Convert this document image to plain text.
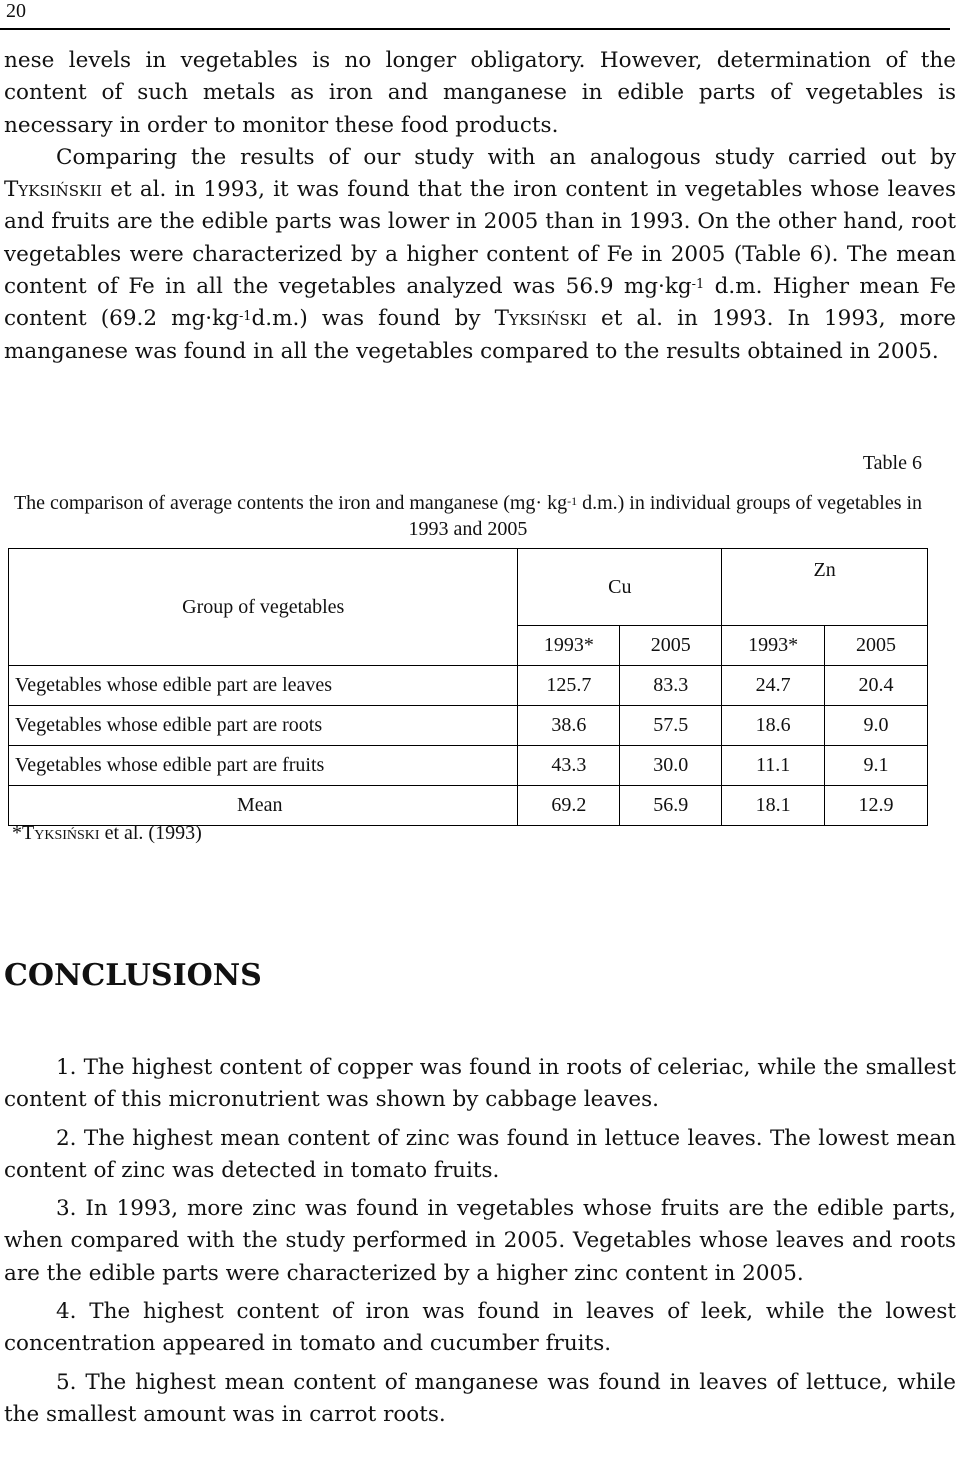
20

nese levels in vegetables is no longer obligatory. However, determination of the content of such metals as iron and manganese in edible parts of vegetables is necessary in order to monitor these food products.

Comparing the results of our study with an analogous study carried out by Tyksińskii et al. in 1993, it was found that the iron content in vegetables whose leaves and fruits are the edible parts was lower in 2005 than in 1993. On the other hand, root vegetables were characterized by a higher content of Fe in 2005 (Table 6). The mean content of Fe in all the vegetables analyzed was 56.9 $mg\cdot kg^{-1}$ d.m. Higher mean Fe content (69.2 $mg\cdot kg^{-1}d.m$.) was found by Tyksiński et al. in 1993. In 1993, more manganese was found in all the vegetables compared to the results obtained in 2005.

Table 6
The comparison of average contents the iron and manganese ($mg\cdot kg^{-1}$ d.m.) in individual groups of vegetables in 1993 and 2005
Group of vegetables	Cu		Zn	
	1993*	2005	1993*	2005
Vegetables whose edible part are leaves	125.7	83.3	24.7	20.4
Vegetables whose edible part are roots	38.6	57.5	18.6	9.0
Vegetables whose edible part are fruits	43.3	30.0	11.1	9.1
Mean	69.2	56.9	18.1	12.9
*Tyksiński et al. (1993)
CONCLUSIONS

1. The highest content of copper was found in roots of celeriac, while the smallest content of this micronutrient was shown by cabbage leaves.

2. The highest mean content of zinc was found in lettuce leaves. The lowest mean content of zinc was detected in tomato fruits.

3. In 1993, more zinc was found in vegetables whose fruits are the edible parts, when compared with the study performed in 2005. Vegetables whose leaves and roots are the edible parts were characterized by a higher zinc content in 2005.

4. The highest content of iron was found in leaves of leek, while the lowest concentration appeared in tomato and cucumber fruits.

5. The highest mean content of manganese was found in leaves of lettuce, while the smallest amount was in carrot roots.
